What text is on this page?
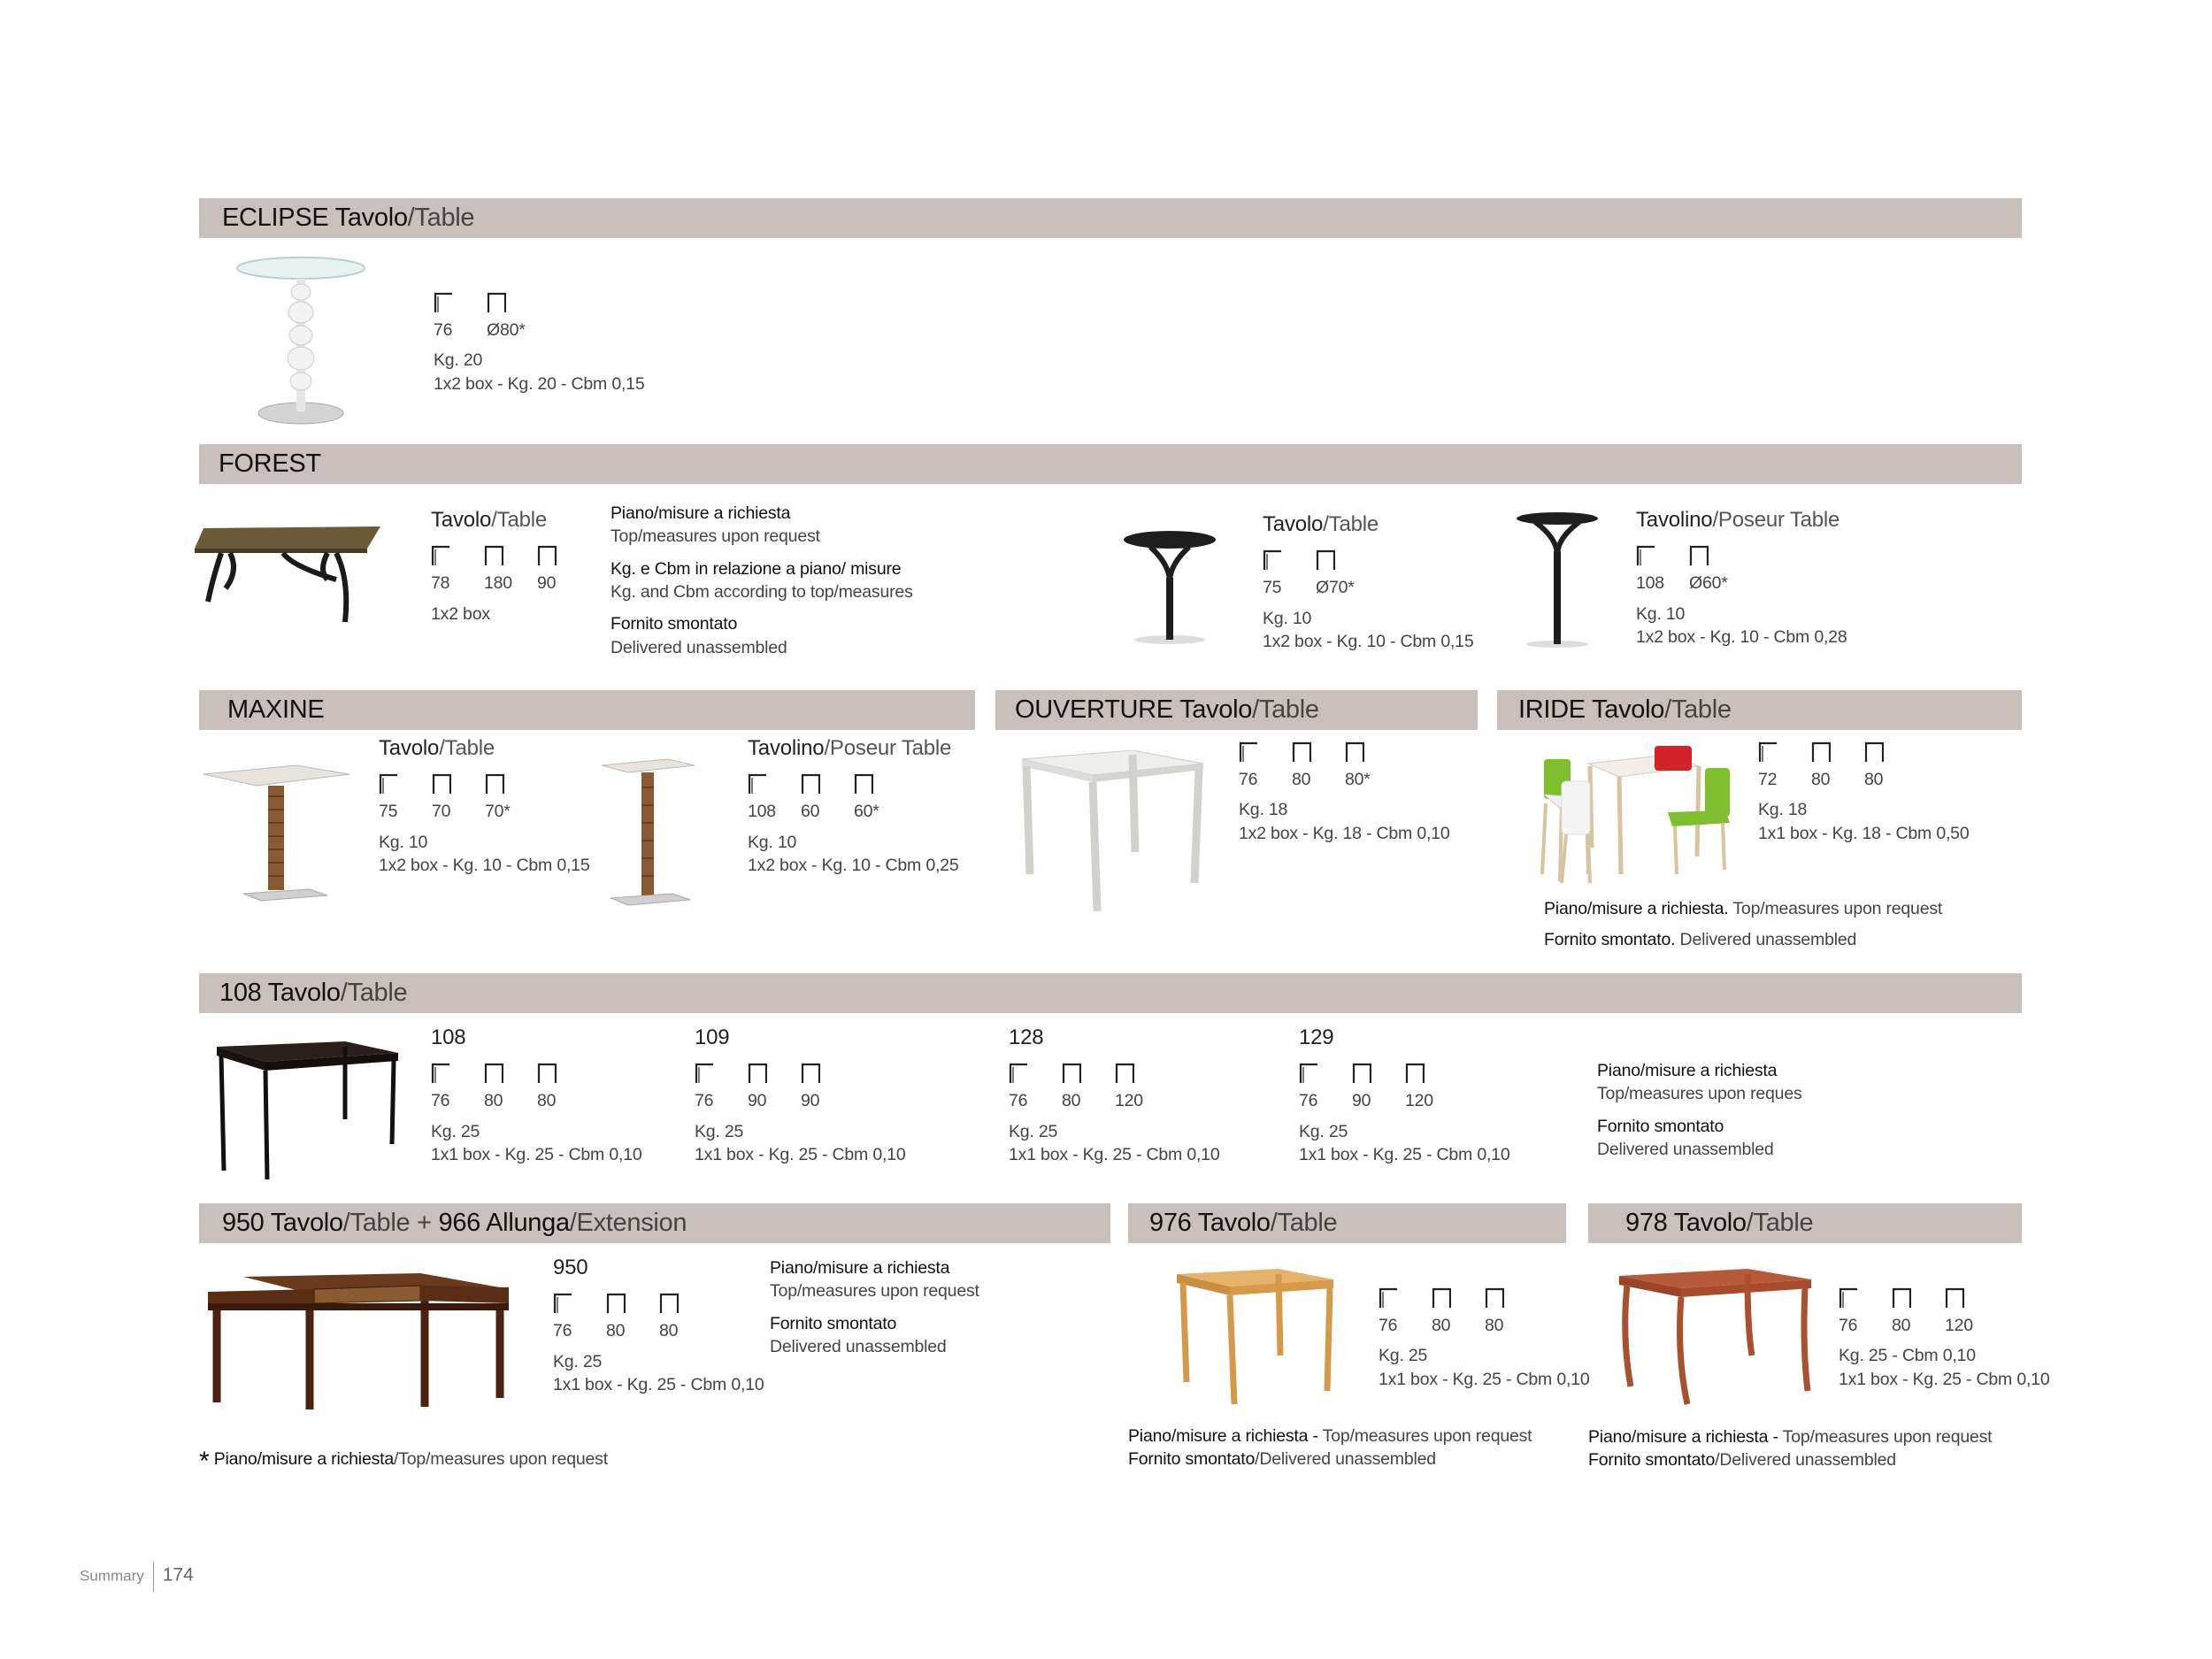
ECLIPSE Tavolo/Table
76	Ø80*

Kg. 20

1x2 box - Kg. 20 - Cbm 0,15

FOREST
Tavolo/Table
78	180	90

1x2 box

Piano/misure a richiesta

Top/measures upon request

Kg. e Cbm in relazione a piano/ misure

Kg. and Cbm according to top/measures

Fornito smontato

Delivered unassembled

Tavolo/Table
75	Ø70*

Kg. 10

1x2 box - Kg. 10 - Cbm 0,15

Tavolino/Poseur Table
108	Ø60*

Kg. 10

1x2 box - Kg. 10 - Cbm 0,28

MAXINE
Tavolo/Table
75	70	70*

Kg. 10

1x2 box - Kg. 10 - Cbm 0,15

Tavolino/Poseur Table
108	60	60*

Kg. 10

1x2 box - Kg. 10 - Cbm 0,25

OUVERTURE Tavolo/Table
76	80	80*

Kg. 18

1x2 box - Kg. 18 - Cbm 0,10

IRIDE Tavolo/Table
72	80	80

Kg. 18

1x1 box - Kg. 18 - Cbm 0,50

Piano/misure a richiesta. Top/measures upon request

Fornito smontato. Delivered unassembled

108 Tavolo/Table
108
76	80	80

Kg. 25

1x1 box - Kg. 25 - Cbm 0,10

109
76	90	90

Kg. 25

1x1 box - Kg. 25 - Cbm 0,10

128
76	80	120

Kg. 25

1x1 box - Kg. 25 - Cbm 0,10

129
76	90	120

Kg. 25

1x1 box - Kg. 25 - Cbm 0,10

Piano/misure a richiesta

Top/measures upon reques

Fornito smontato

Delivered unassembled

950 Tavolo/Table + 966 Allunga/Extension
950
76	80	80

Kg. 25

1x1 box - Kg. 25 - Cbm 0,10

Piano/misure a richiesta

Top/measures upon request

Fornito smontato

Delivered unassembled

976 Tavolo/Table
76	80	80

Kg. 25

1x1 box - Kg. 25 - Cbm 0,10

Piano/misure a richiesta - Top/measures upon request

Fornito smontato/Delivered unassembled

978 Tavolo/Table
76	80	120

Kg. 25 - Cbm 0,10

1x1 box - Kg. 25 - Cbm 0,10

Piano/misure a richiesta - Top/measures upon request

Fornito smontato/Delivered unassembled

* Piano/misure a richiesta/Top/measures upon request
Summary 174
